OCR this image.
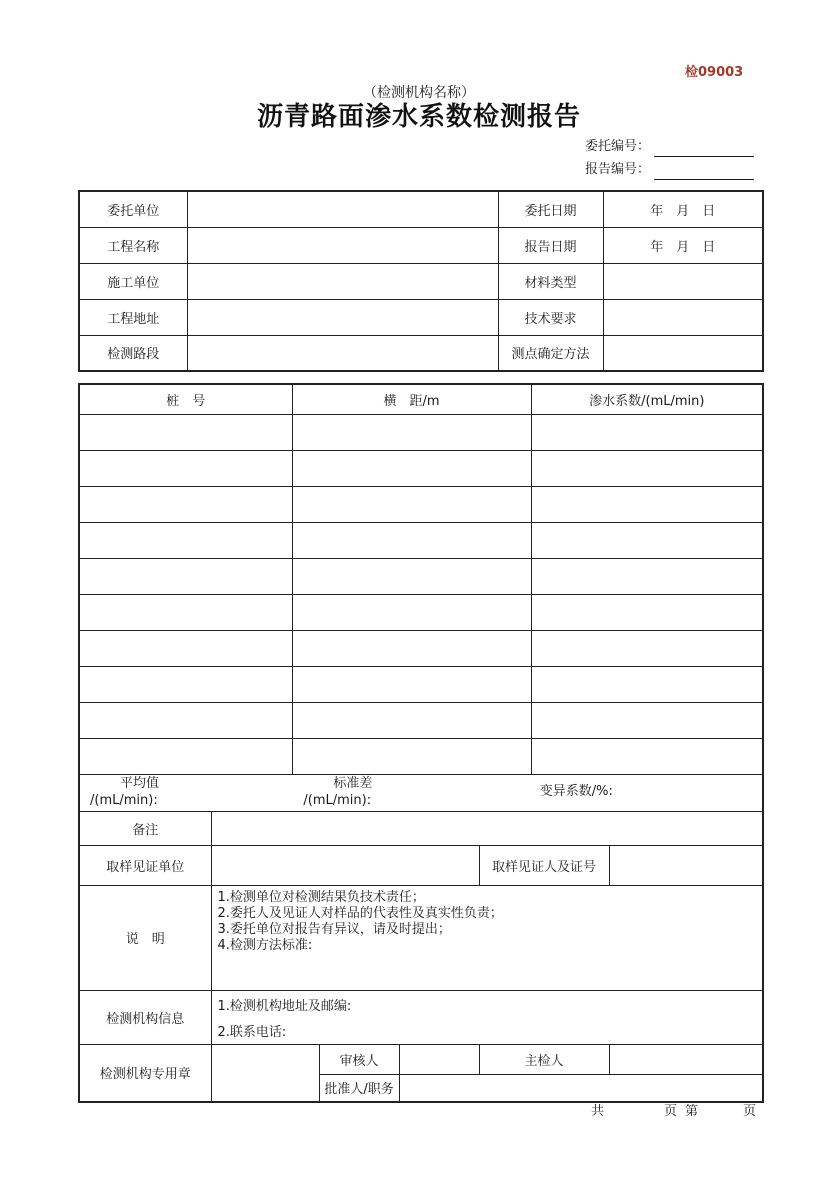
检09003
（检测机构名称）
沥青路面渗水系数检测报告
委托编号：
报告编号：
委托单位		委托日期	年　月　日
工程名称		报告日期	年　月　日
施工单位		材料类型	
工程地址		技术要求	
检测路段		测点确定方法	
桩　号		横　距/m				渗水系数/(mL/min)	

平均值
/(mL/min):
标准差
/(mL/min):
变异系数/%:							

备注							
取样见证单位					取样见证人及证号		
说　明	1.检测单位对检测结果负技术责任；
2.委托人及见证人对样品的代表性及真实性负责；
3.委托单位对报告有异议，请及时提出；
4.检测方法标准:						

检测机构信息	1.检测机构地址及邮编:
2.联系电话:						

检测机构专用章			审核人		主检人		
			批准人/职务				
共	页 第	页
